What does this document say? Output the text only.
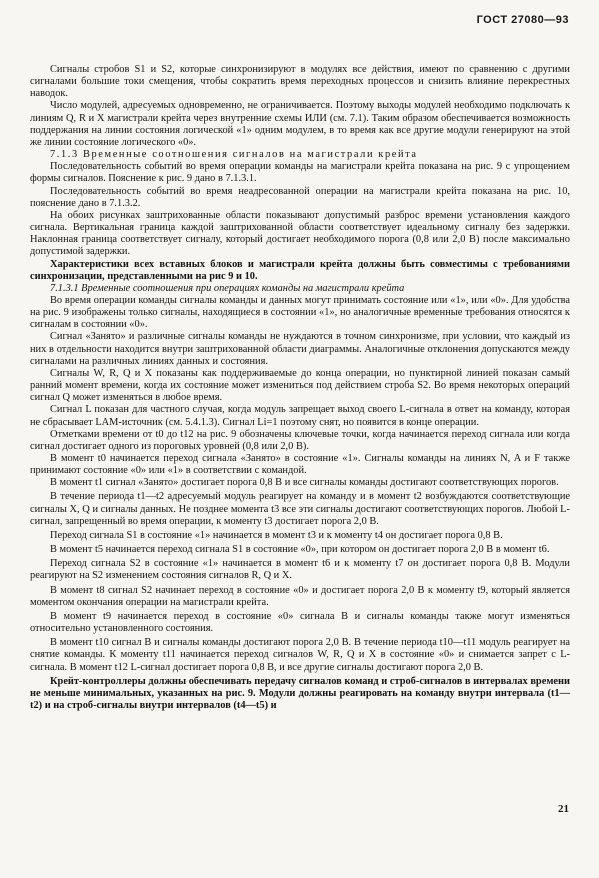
ГОСТ 27080—93

Сигналы стробов S1 и S2, которые синхронизируют в модулях все действия, имеют по сравнению с другими сигналами большие токи смещения, чтобы сократить время переходных процессов и снизить влияние перекрестных наводок.

Число модулей, адресуемых одновременно, не ограничивается. Поэтому выходы модулей необходимо подключать к линиям Q, R и X магистрали крейта через внутренние схемы ИЛИ (см. 7.1). Таким образом обеспечивается возможность поддержания на линии состояния логической «1» одним модулем, в то время как все другие модули генерируют на этой же линии состояние логического «0».

7.1.3 Временные соотношения сигналов на магистрали крейта

Последовательность событий во время операции команды на магистрали крейта показана на рис. 9 с упрощением формы сигналов. Пояснение к рис. 9 дано в 7.1.3.1.

Последовательность событий во время неадресованной операции на магистрали крейта показана на рис. 10, пояснение дано в 7.1.3.2.

На обоих рисунках заштрихованные области показывают допустимый разброс времени установления каждого сигнала. Вертикальная граница каждой заштрихованной области соответствует идеальному сигналу без задержки. Наклонная граница соответствует сигналу, который достигает необходимого порога (0,8 или 2,0 В) после максимально допустимой задержки.

Характеристики всех вставных блоков и магистрали крейта должны быть совместимы с требованиями синхронизации, представленными на рис 9 и 10.

7.1.3.1 Временные соотношения при операциях команды на магистрали крейта

Во время операции команды сигналы команды и данных могут принимать состояние или «1», или «0». Для удобства на рис. 9 изображены только сигналы, находящиеся в состоянии «1», но аналогичные временные требования относятся к сигналам в состоянии «0».

Сигнал «Занято» и различные сигналы команды не нуждаются в точном синхронизме, при условии, что каждый из них в отдельности находится внутри заштрихованной области диаграммы. Аналогичные отклонения допускаются между сигналами на различных линиях данных и состояния.

Сигналы W, R, Q и X показаны как поддерживаемые до конца операции, но пунктирной линией показан самый ранний момент времени, когда их состояние может измениться под действием строба S2. Во время некоторых операций сигнал Q может изменяться в любое время.

Сигнал L показан для частного случая, когда модуль запрещает выход своего L-сигнала в ответ на команду, которая не сбрасывает LAM-источник (см. 5.4.1.3). Сигнал Li=1 поэтому снят, но появится в конце операции.

Отметками времени от t0 до t12 на рис. 9 обозначены ключевые точки, когда начинается переход сигнала или когда сигнал достигает одного из пороговых уровней (0,8 или 2,0 В).

В момент t0 начинается переход сигнала «Занято» в состояние «1». Сигналы команды на линиях N, A и F также принимают состояние «0» или «1» в соответствии с командой.

В момент t1 сигнал «Занято» достигает порога 0,8 В и все сигналы команды достигают соответствующих порогов.

В течение периода t1—t2 адресуемый модуль реагирует на команду и в момент t2 возбуждаются соответствующие сигналы X, Q и сигналы данных. Не позднее момента t3 все эти сигналы достигают соответствующих порогов. Любой L-сигнал, запрещенный во время операции, к моменту t3 достигает порога 2,0 В.

Переход сигнала S1 в состояние «1» начинается в момент t3 и к моменту t4 он достигает порога 0,8 В.

В момент t5 начинается переход сигнала S1 в состояние «0», при котором он достигает порога 2,0 В в момент t6.

Переход сигнала S2 в состояние «1» начинается в момент t6 и к моменту t7 он достигает порога 0,8 В. Модули реагируют на S2 изменением состояния сигналов R, Q и X.

В момент t8 сигнал S2 начинает переход в состояние «0» и достигает порога 2,0 В к моменту t9, который является моментом окончания операции на магистрали крейта.

В момент t9 начинается переход в состояние «0» сигнала В и сигналы команды также могут изменяться относительно установленного состояния.

В момент t10 сигнал В и сигналы команды достигают порога 2,0 В. В течение периода t10—t11 модуль реагирует на снятие команды. К моменту t11 начинается переход сигналов W, R, Q и X в состояние «0» и снимается запрет с L-сигнала. В момент t12 L-сигнал достигает порога 0,8 В, и все другие сигналы достигают порога 2,0 В.

Крейт-контроллеры должны обеспечивать передачу сигналов команд и строб-сигналов в интервалах времени не меньше минимальных, указанных на рис. 9. Модули должны реагировать на команду внутри интервала (t1—t2) и на строб-сигналы внутри интервалов (t4—t5) и

21
